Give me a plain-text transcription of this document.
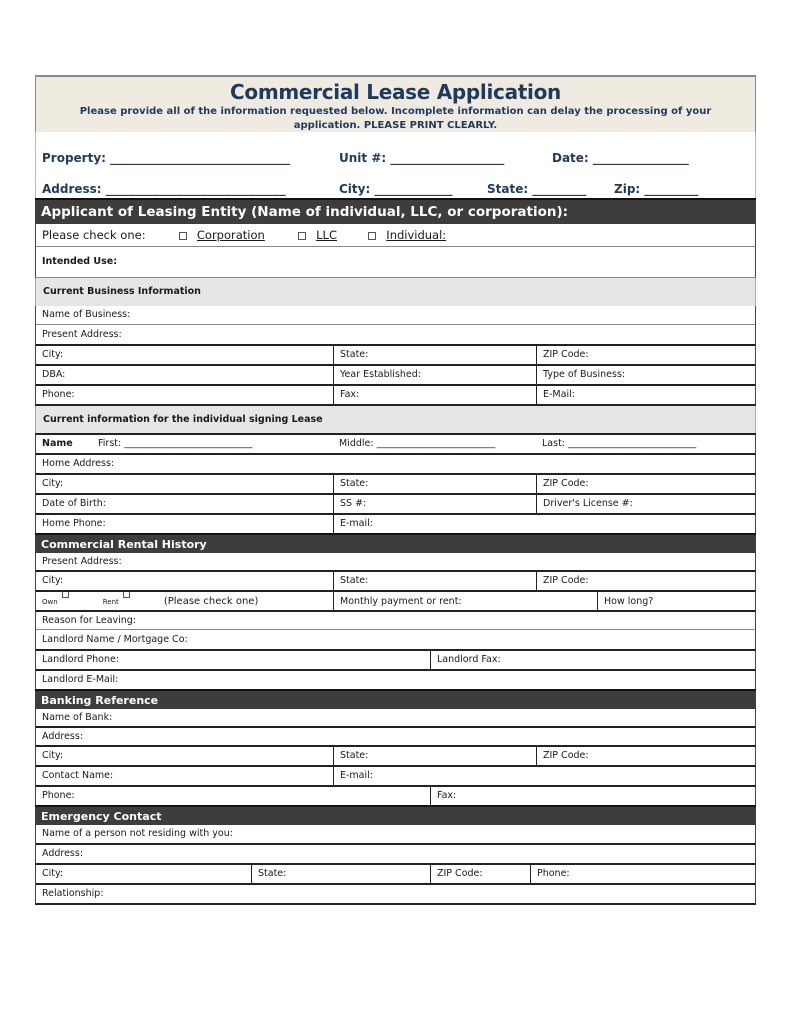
Commercial Lease Application
Please provide all of the information requested below. Incomplete information can delay the processing of your application. PLEASE PRINT CLEARLY.
Property: ______________________________	Unit #: ___________________	Date: ________________
Address: ______________________________	City: _____________	State: _________ Zip: _________
Applicant of Leasing Entity (Name of individual, LLC, or corporation):
Please check one:	Corporation	LLC	Individual:
Intended Use:
Current Business Information
Name of Business:
Present Address:
City:	State:	ZIP Code:
DBA:	Year Established:	Type of Business:
Phone:	Fax:	E-Mail:
Current information for the individual signing Lease
Name	First: ___________________________	Middle: _________________________	Last: ___________________________
Home Address:
City:	State:	ZIP Code:
Date of Birth:	SS #:	Driver's License #:
Home Phone:	E-mail:
Commercial Rental History
Present Address:
City:	State:	ZIP Code:
Own	Rent	(Please check one)	Monthly payment or rent:	How long?
Reason for Leaving:
Landlord Name / Mortgage Co:
Landlord Phone:	Landlord Fax:
Landlord E-Mail:
Banking Reference
Name of Bank:
Address:
City:	State:	ZIP Code:
Contact Name:	E-mail:
Phone:	Fax:
Emergency Contact
Name of a person not residing with you:
Address:
City:	State:	ZIP Code:	Phone:
Relationship:
